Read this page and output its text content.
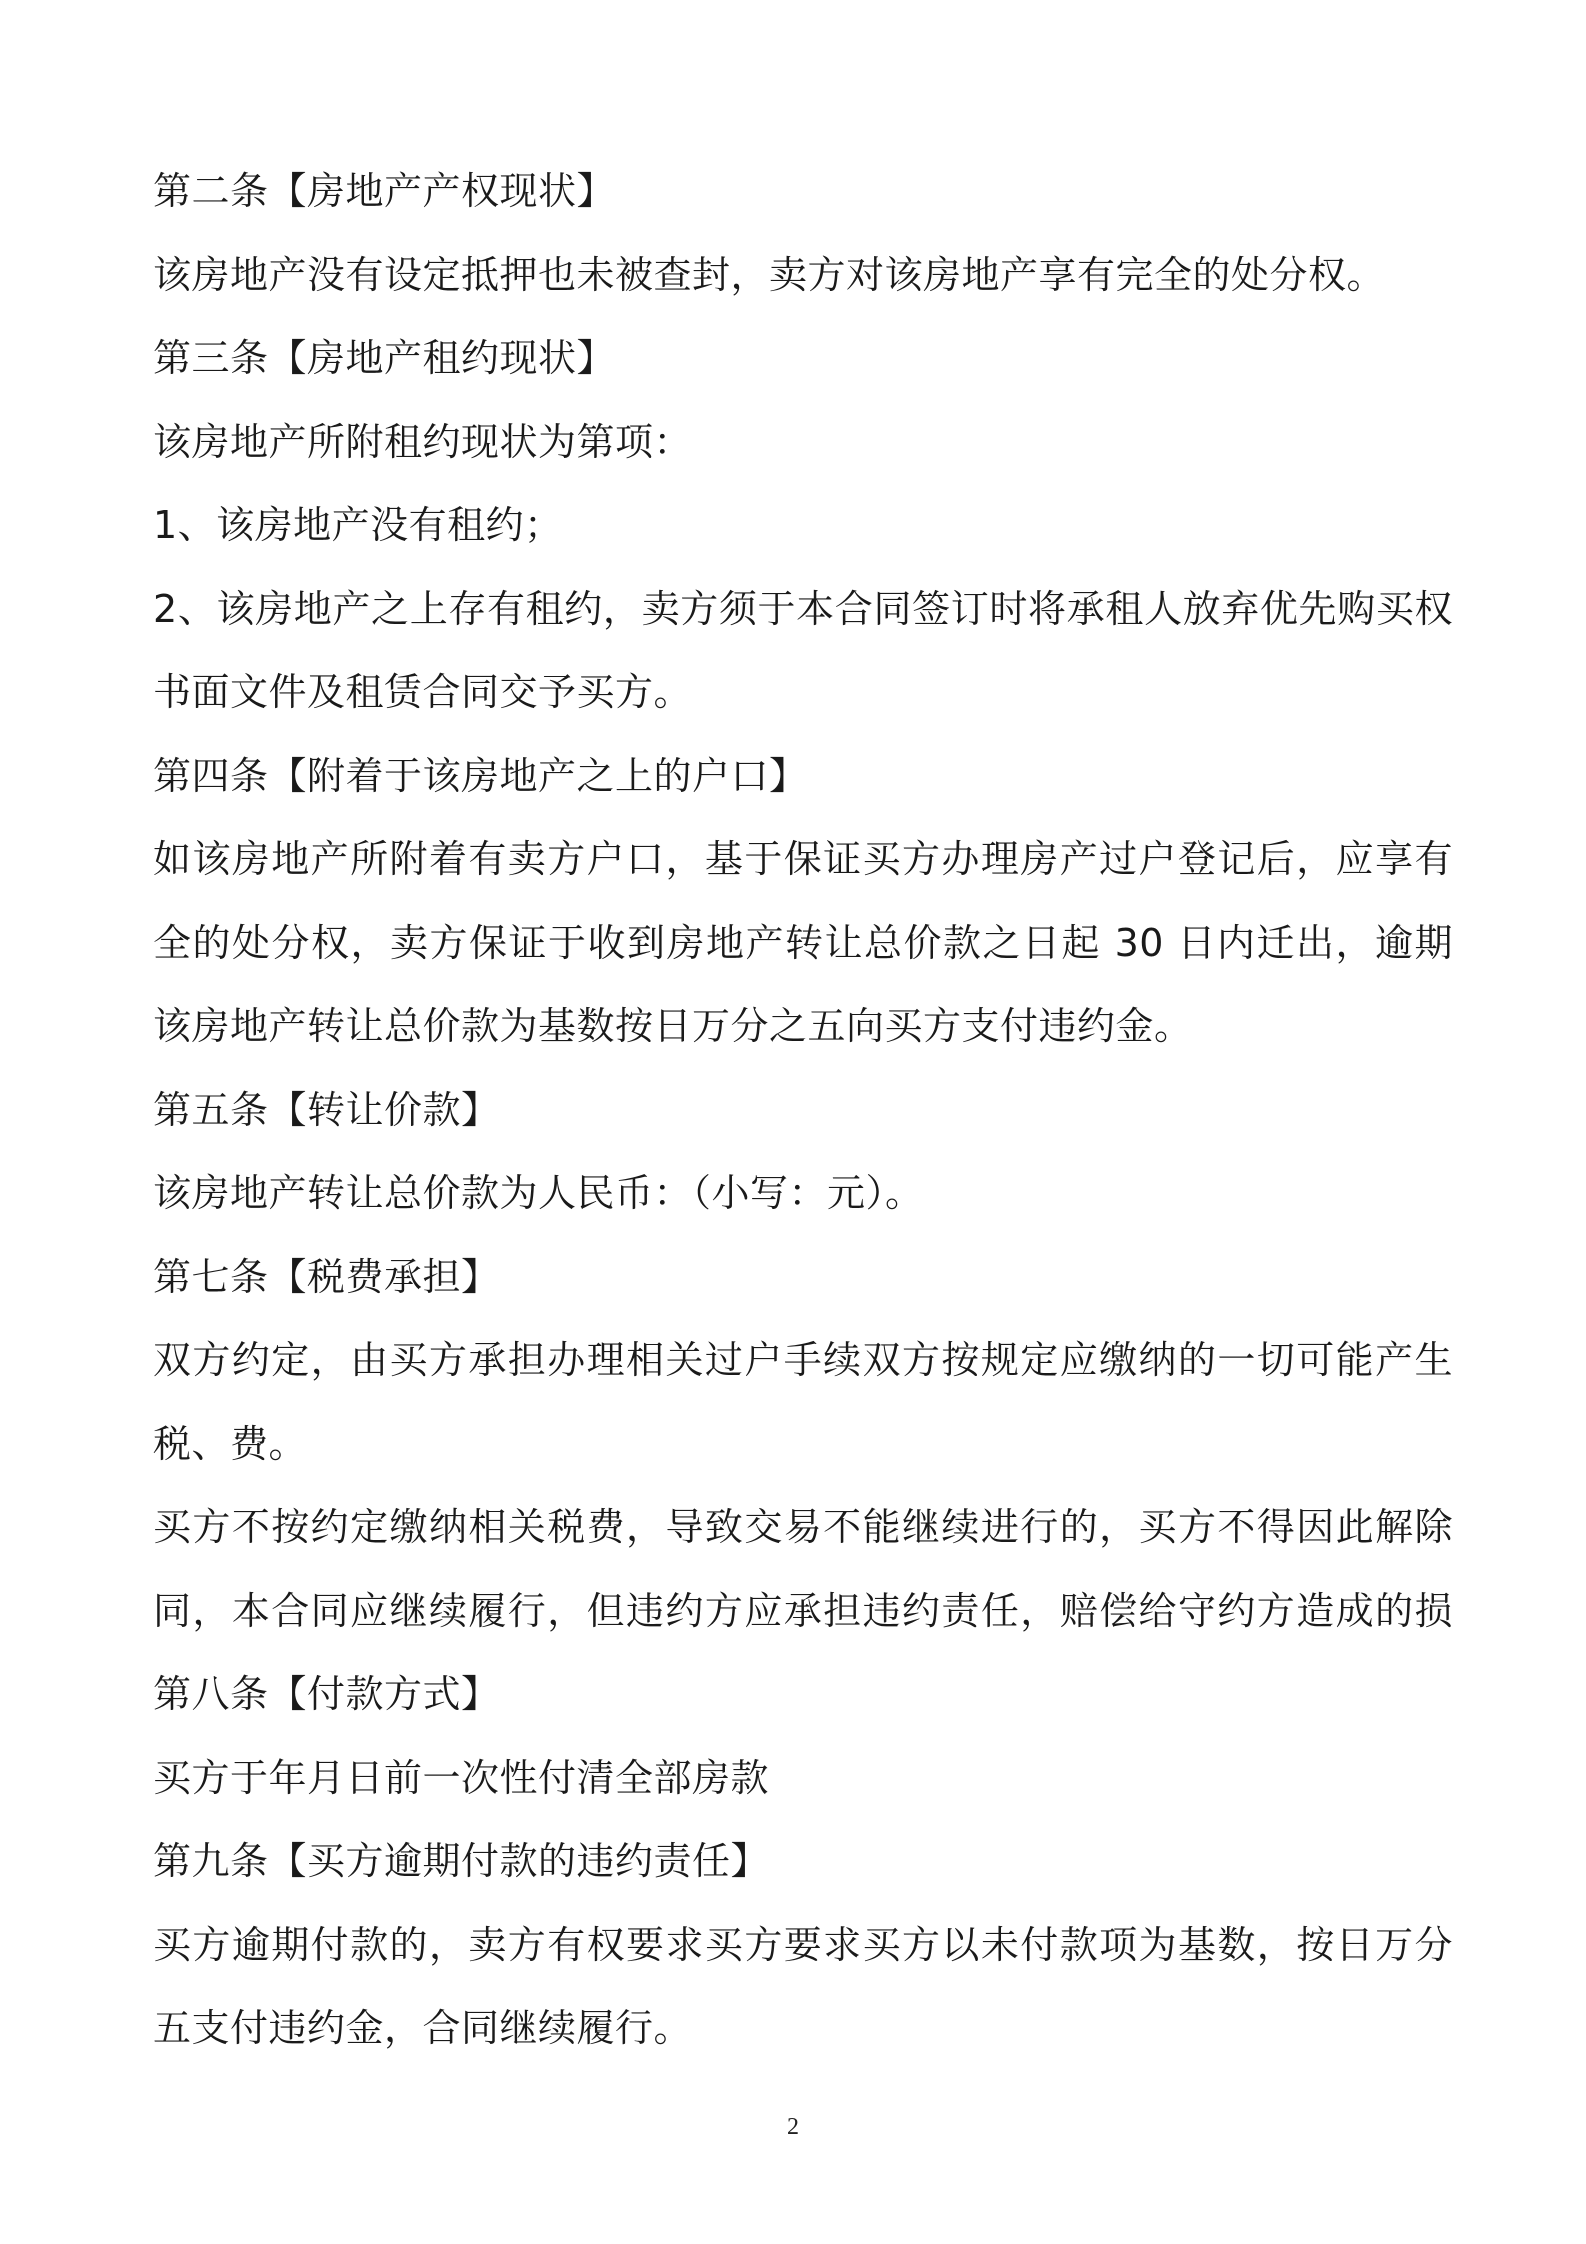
第二条【房地产产权现状】
该房地产没有设定抵押也未被查封，卖方对该房地产享有完全的处分权。
第三条【房地产租约现状】
该房地产所附租约现状为第项：
1、该房地产没有租约；
2、该房地产之上存有租约，卖方须于本合同签订时将承租人放弃优先购买权
书面文件及租赁合同交予买方。
第四条【附着于该房地产之上的户口】
如该房地产所附着有卖方户口，基于保证买方办理房产过户登记后，应享有
全的处分权，卖方保证于收到房地产转让总价款之日起 30 日内迁出，逾期
该房地产转让总价款为基数按日万分之五向买方支付违约金。
第五条【转让价款】
该房地产转让总价款为人民币：（小写：元）。
第七条【税费承担】
双方约定，由买方承担办理相关过户手续双方按规定应缴纳的一切可能产生
税、费。
买方不按约定缴纳相关税费，导致交易不能继续进行的，买方不得因此解除
同，本合同应继续履行，但违约方应承担违约责任，赔偿给守约方造成的损
第八条【付款方式】
买方于年月日前一次性付清全部房款
第九条【买方逾期付款的违约责任】
买方逾期付款的，卖方有权要求买方要求买方以未付款项为基数，按日万分
五支付违约金，合同继续履行。
2
